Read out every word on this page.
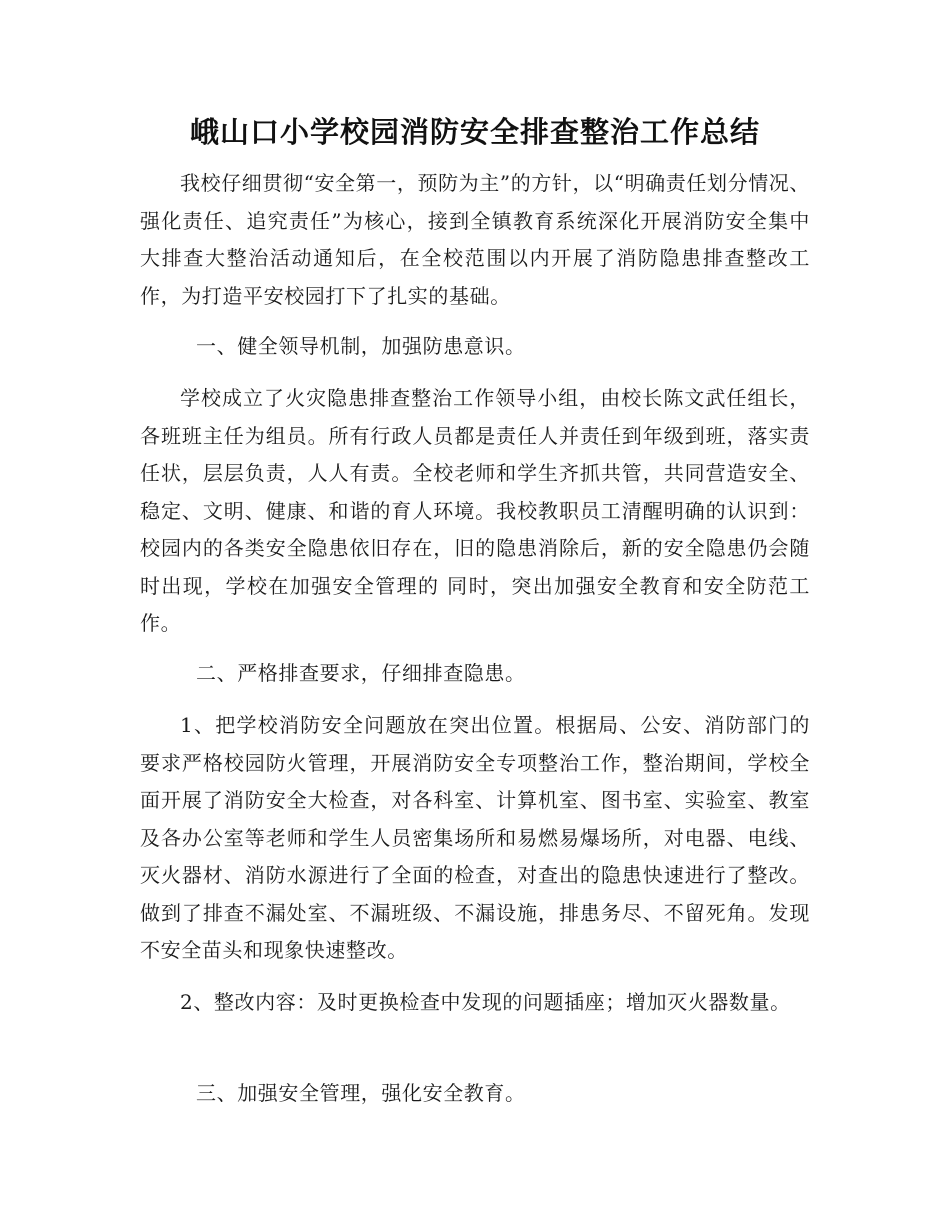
峨山口小学校园消防安全排查整治工作总结

我校仔细贯彻“安全第一，预防为主”的方针，以“明确责任划分情况、强化责任、追究责任”为核心，接到全镇教育系统深化开展消防安全集中大排查大整治活动通知后，在全校范围以内开展了消防隐患排查整改工作，为打造平安校园打下了扎实的基础。

一、健全领导机制，加强防患意识。

学校成立了火灾隐患排查整治工作领导小组，由校长陈文武任组长，各班班主任为组员。所有行政人员都是责任人并责任到年级到班，落实责任状，层层负责，人人有责。全校老师和学生齐抓共管，共同营造安全、稳定、文明、健康、和谐的育人环境。我校教职员工清醒明确的认识到：校园内的各类安全隐患依旧存在，旧的隐患消除后，新的安全隐患仍会随时出现，学校在加强安全管理的 同时，突出加强安全教育和安全防范工作。

二、严格排查要求，仔细排查隐患。

1、把学校消防安全问题放在突出位置。根据局、公安、消防部门的要求严格校园防火管理，开展消防安全专项整治工作，整治期间，学校全面开展了消防安全大检查，对各科室、计算机室、图书室、实验室、教室及各办公室等老师和学生人员密集场所和易燃易爆场所，对电器、电线、灭火器材、消防水源进行了全面的检查，对查出的隐患快速进行了整改。做到了排查不漏处室、不漏班级、不漏设施，排患务尽、不留死角。发现不安全苗头和现象快速整改。

2、整改内容：及时更换检查中发现的问题插座；增加灭火器数量。

三、加强安全管理，强化安全教育。
